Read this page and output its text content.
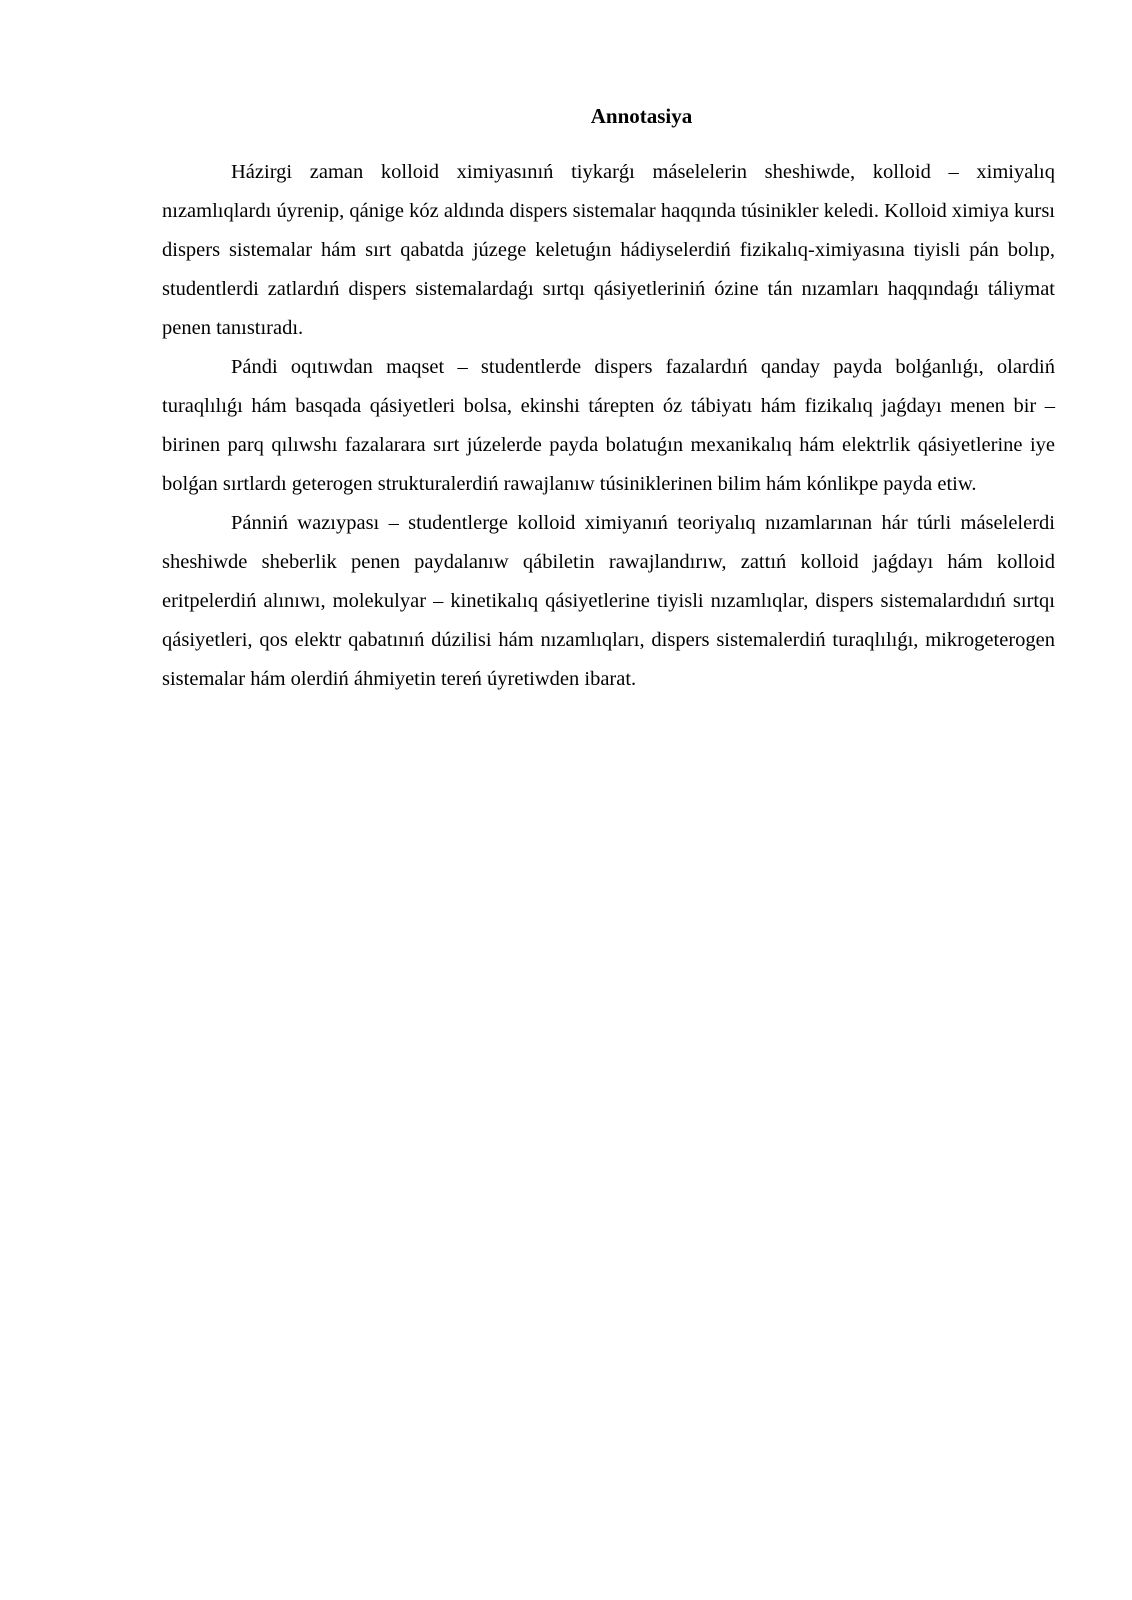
Annotasiya

Házirgi zaman kolloid ximiyasınıń tiykarǵı máselelerin sheshiwde, kolloid – ximiyalıq nızamlıqlardı úyrenip, qánige kóz aldında dispers sistemalar haqqında túsinikler keledi. Kolloid ximiya kursı dispers sistemalar hám sırt qabatda júzege keletuǵın hádiyselerdiń fizikalıq-ximiyasına tiyisli pán bolıp, studentlerdi zatlardıń dispers sistemalardaǵı sırtqı qásiyetleriniń ózine tán nızamları haqqındaǵı táliymat penen tanıstıradı.

Pándi oqıtıwdan maqset – studentlerde dispers fazalardıń qanday payda bolǵanlıǵı, olardiń turaqlılıǵı hám basqada qásiyetleri bolsa, ekinshi tárepten óz tábiyatı hám fizikalıq jaǵdayı menen bir – birinen parq qılıwshı fazalarara sırt júzelerde payda bolatuǵın mexanikalıq hám elektrlik qásiyetlerine iye bolǵan sırtlardı geterogen strukturalerdiń rawajlanıw túsiniklerinen bilim hám kónlikpe payda etiw.

Pánniń wazıypası – studentlerge kolloid ximiyanıń teoriyalıq nızamlarınan hár túrli máselelerdi sheshiwde sheberlik penen paydalanıw qábiletin rawajlandırıw, zattıń kolloid jaǵdayı hám kolloid eritpelerdiń alınıwı, molekulyar – kinetikalıq qásiyetlerine tiyisli nızamlıqlar, dispers sistemalardıdıń sırtqı qásiyetleri, qos elektr qabatınıń dúzilisi hám nızamlıqları, dispers sistemalerdiń turaqlılıǵı, mikrogeterogen sistemalar hám olerdiń áhmiyetin tereń úyretiwden ibarat.
